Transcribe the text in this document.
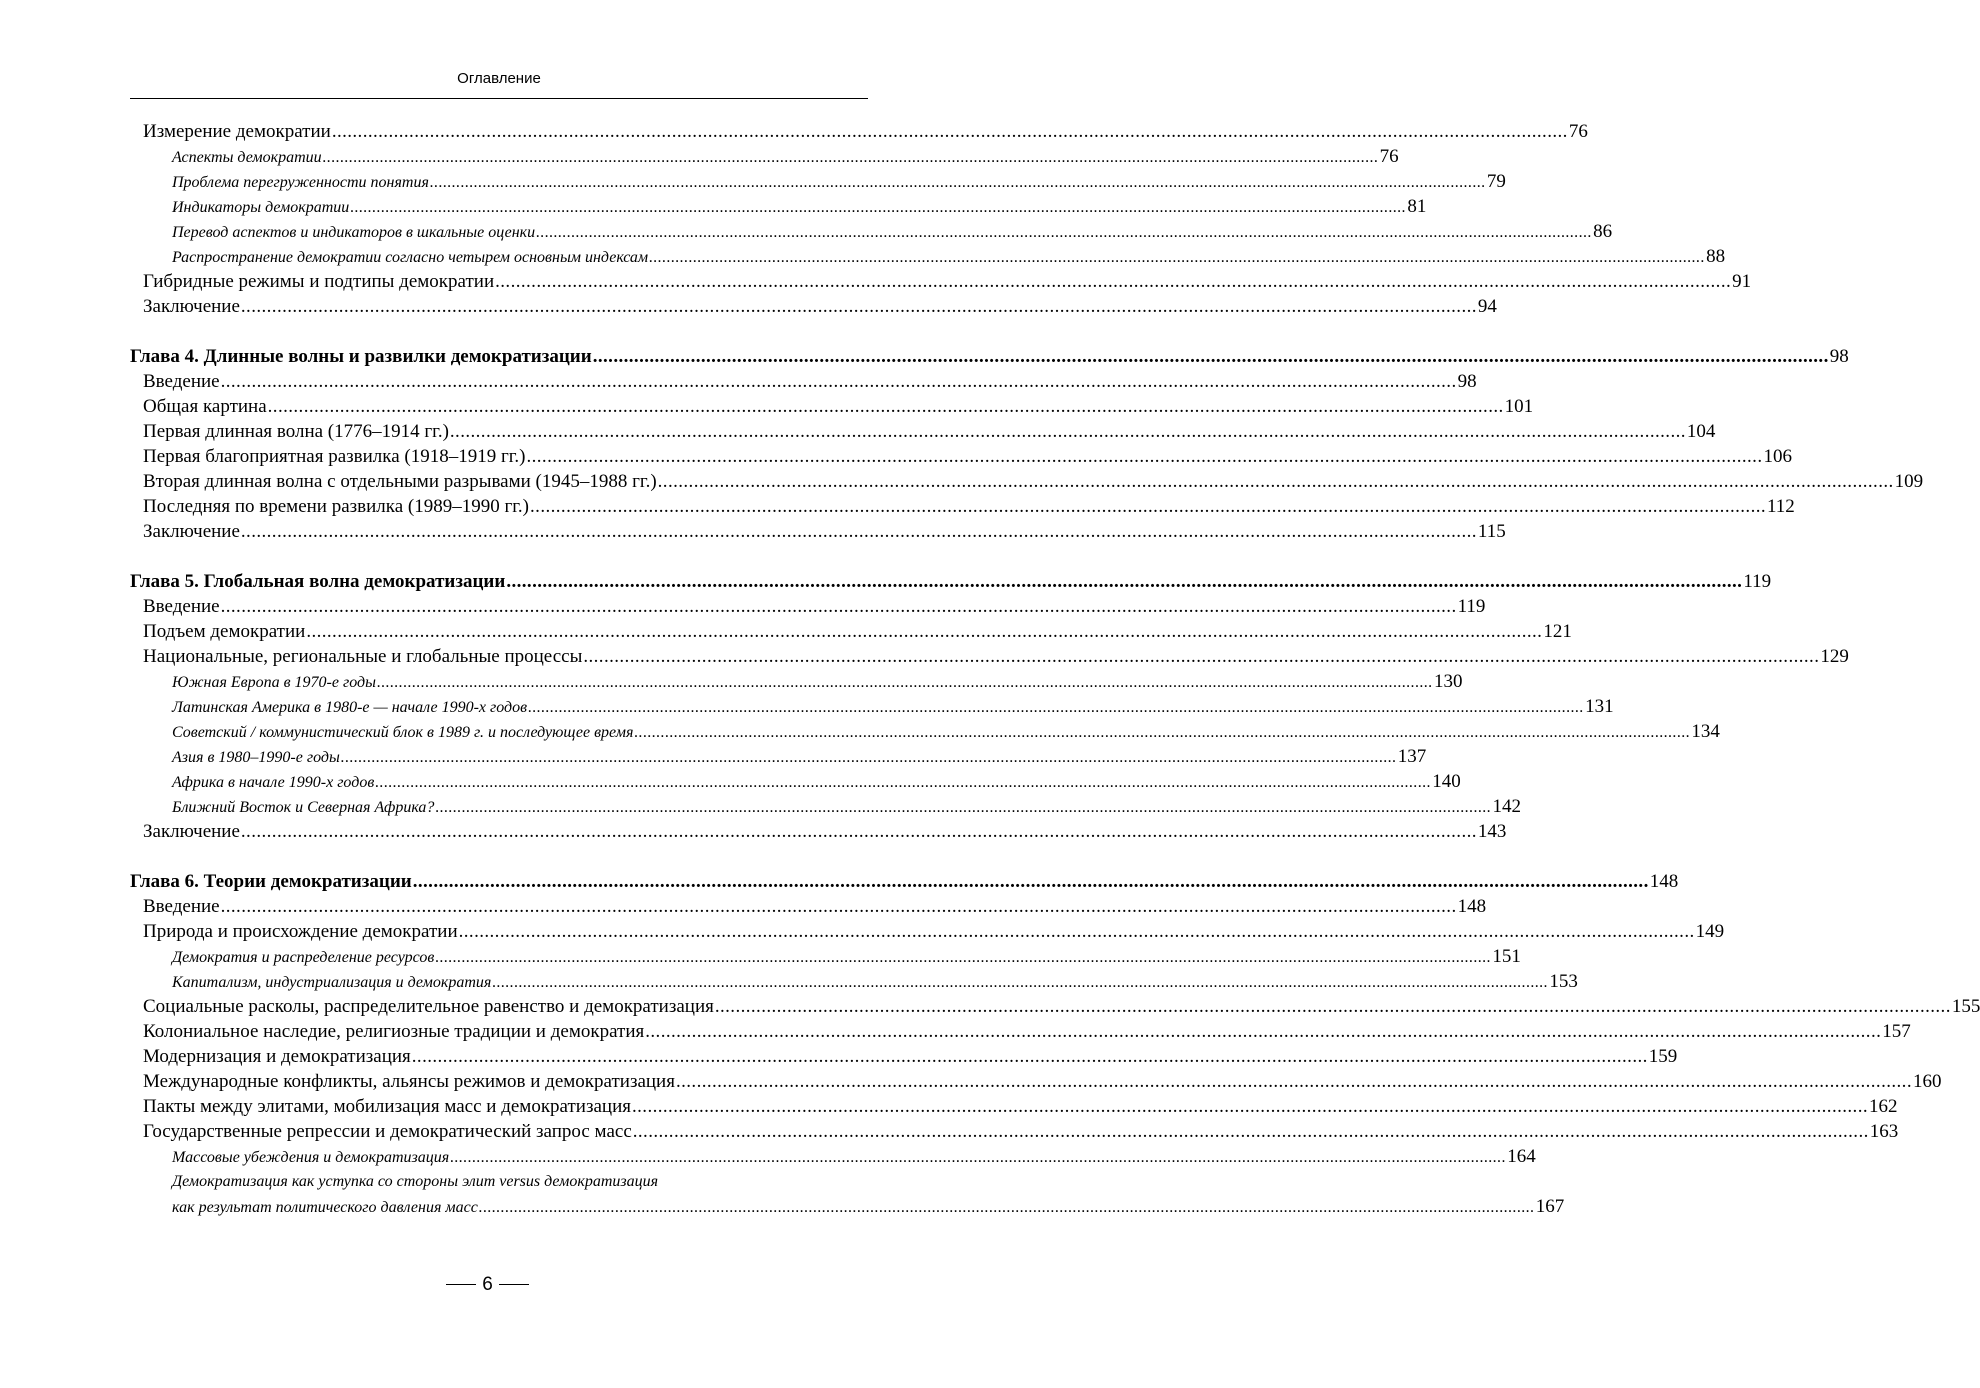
Оглавление
Измерение демократии .....	76
Аспекты демократии .....	76
Проблема перегруженности понятия .....	79
Индикаторы демократии .....	81
Перевод аспектов и индикаторов в шкальные оценки .....	86
Распространение демократии согласно четырем основным индексам .....	88
Гибридные режимы и подтипы демократии .....	91
Заключение .....	94
Глава 4. Длинные волны и развилки демократизации .....	98
Введение .....	98
Общая картина .....	101
Первая длинная волна (1776–1914 гг.) .....	104
Первая благоприятная развилка (1918–1919 гг.) .....	106
Вторая длинная волна с отдельными разрывами (1945–1988 гг.) .....	109
Последняя по времени развилка (1989–1990 гг.) .....	112
Заключение .....	115
Глава 5. Глобальная волна демократизации .....	119
Введение .....	119
Подъем демократии .....	121
Национальные, региональные и глобальные процессы .....	129
Южная Европа в 1970-е годы .....	130
Латинская Америка в 1980-е — начале 1990-х годов .....	131
Советский / коммунистический блок в 1989 г. и последующее время .....	134
Азия в 1980–1990-е годы .....	137
Африка в начале 1990-х годов .....	140
Ближний Восток и Северная Африка? .....	142
Заключение .....	143
Глава 6. Теории демократизации .....	148
Введение .....	148
Природа и происхождение демократии .....	149
Демократия и распределение ресурсов .....	151
Капитализм, индустриализация и демократия .....	153
Социальные расколы, распределительное равенство и демократизация .....	155
Колониальное наследие, религиозные традиции и демократия .....	157
Модернизация и демократизация .....	159
Международные конфликты, альянсы режимов и демократизация .....	160
Пакты между элитами, мобилизация масс и демократизация .....	162
Государственные репрессии и демократический запрос масс .....	163
Массовые убеждения и демократизация .....	164
Демократизация как уступка со стороны элит versus демократизация
как результат политического давления масс .....	167
6
